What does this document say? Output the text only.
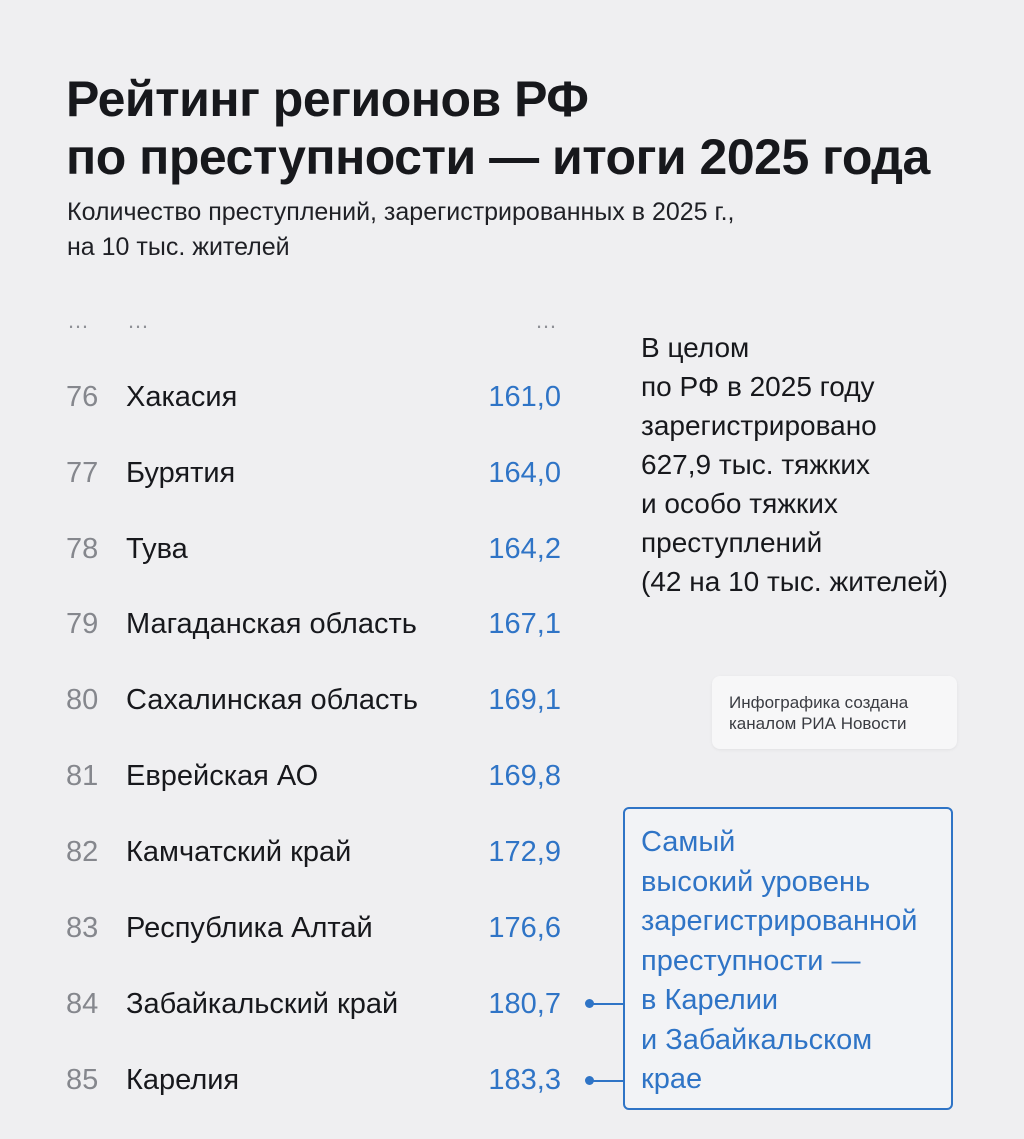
Рейтинг регионов РФ
по преступности — итоги 2025 года
Количество преступлений, зарегистрированных в 2025 г.,
на 10 тыс. жителей
… …	…
76 Хакасия	161,0
77 Бурятия	164,0
78 Тува	164,2
79 Магаданская область 167,1
80 Сахалинская область 169,1
81 Еврейская АО	169,8
82 Камчатский край	172,9
83 Республика Алтай	176,6
84 Забайкальский край	180,7
85 Карелия	183,3
В целом
по РФ в 2025 году
зарегистрировано
627,9 тыс. тяжких
и особо тяжких
преступлений
(42 на 10 тыс. жителей)
Инфографика создана
каналом РИА Новости
Самый
высокий уровень
зарегистрированной
преступности —
в Карелии
и Забайкальском
крае
